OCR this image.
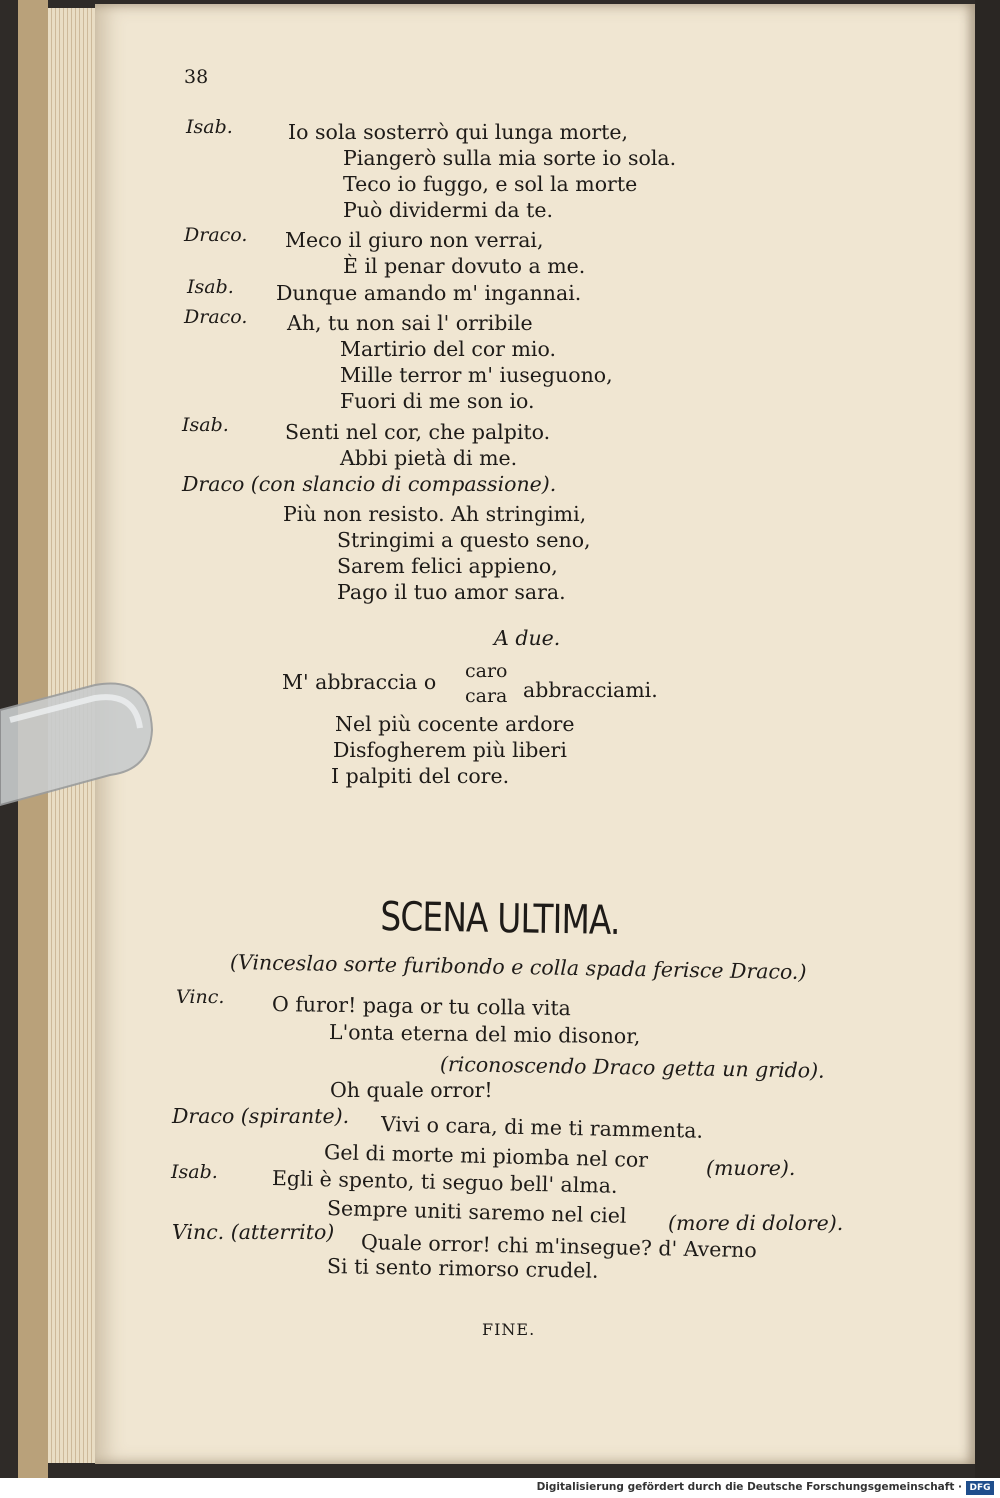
38
Isab.	Io sola sosterrò qui lunga morte,
Piangerò sulla mia sorte io sola.
Teco io fuggo, e sol la morte
Può dividermi da te.
Draco. Meco il giuro non verrai,
È il penar dovuto a me.
Isab. Dunque amando m' ingannai.
Draco. Ah, tu non sai l' orribile
Martirio del cor mio.
Mille terror m' iuseguono,
Fuori di me son io.
Isab.	Senti nel cor, che palpito.
Abbi pietà di me.
Draco (con slancio di compassione).
Più non resisto. Ah stringimi,
Stringimi a questo seno,
Sarem felici appieno,
Pago il tuo amor sara.
A due.
M' abbraccia o caro
cara abbracciami.
Nel più cocente ardore
Disfogherem più liberi
I palpiti del core.
SCENA ULTIMA.
(Vinceslao sorte furibondo e colla spada ferisce Draco.)
Vinc. O furor! paga or tu colla vita
L'onta eterna del mio disonor,
(riconoscendo Draco getta un grido).
Oh quale orror!
Draco (spirante). Vivi o cara, di me ti rammenta.
Gel di morte mi piomba nel cor	(muore).
Isab.	Egli è spento, ti seguo bell' alma.
Sempre uniti saremo nel ciel (more di dolore).
Vinc. (atterrito) Quale orror! chi m'insegue? d' Averno
Si ti sento rimorso crudel.
FINE.
Digitalisierung gefördert durch die Deutsche Forschungsgemeinschaft · DFG
